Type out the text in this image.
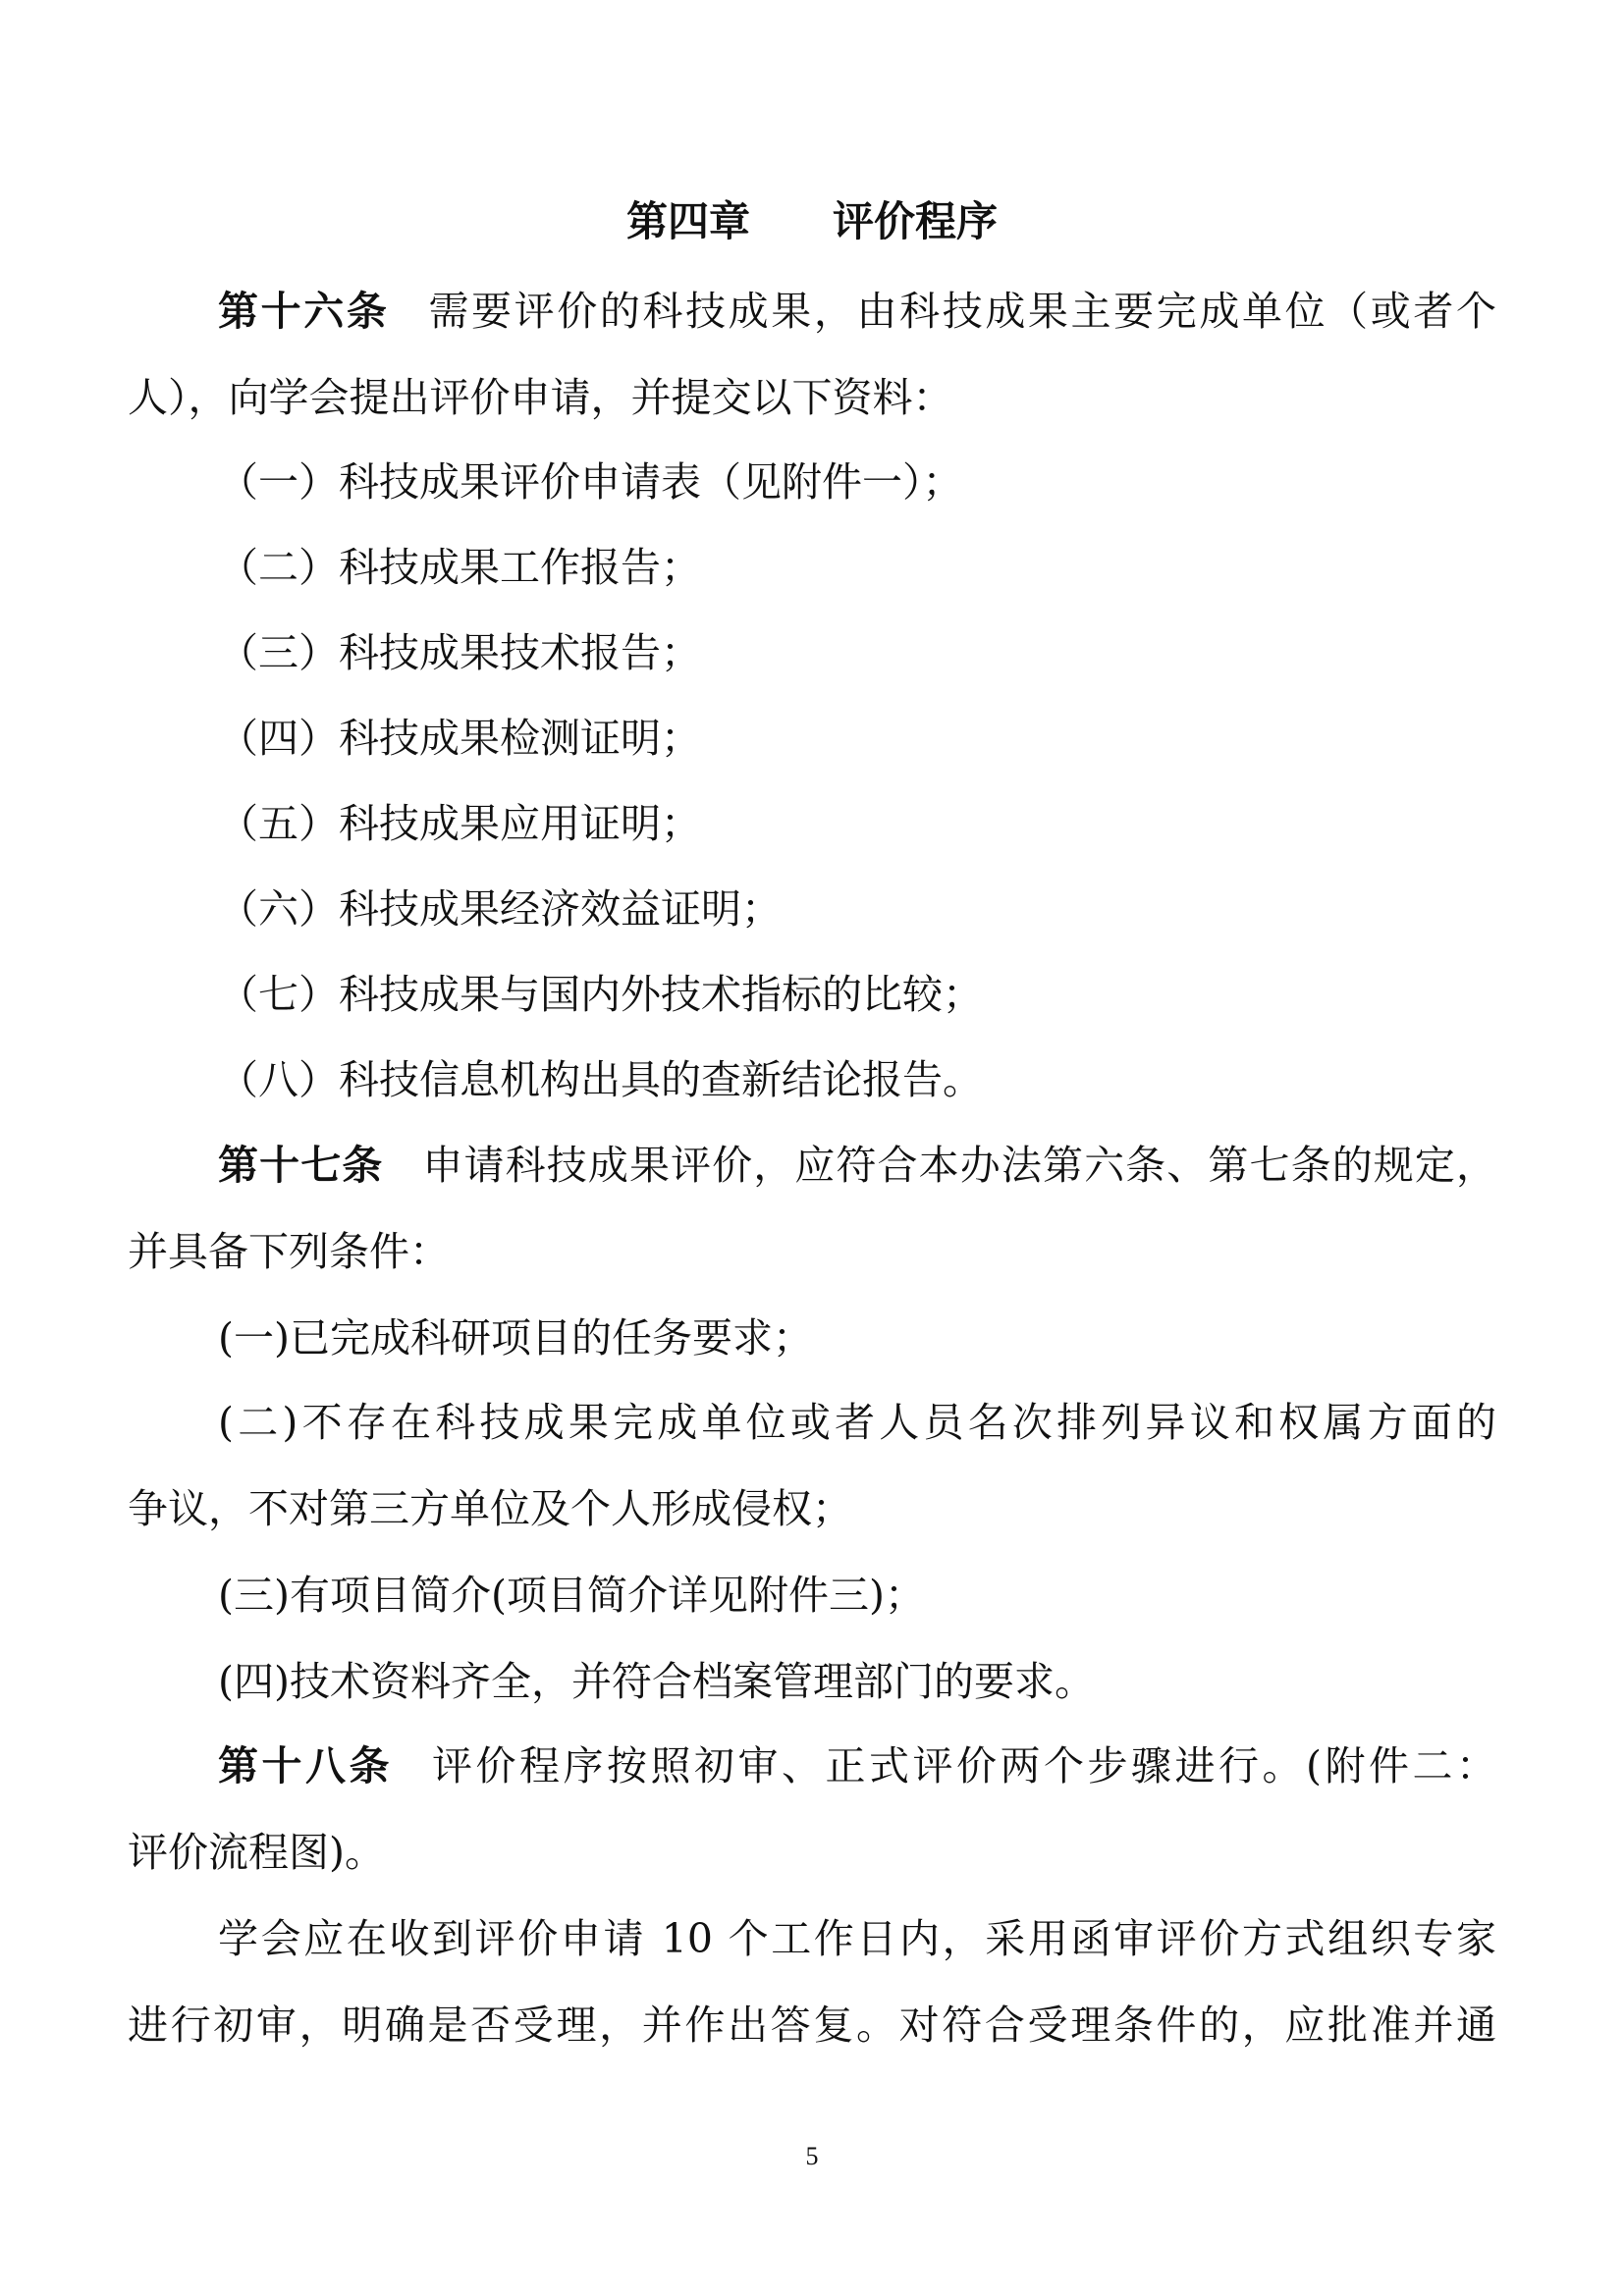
第四章　　评价程序
第十六条 需要评价的科技成果，由科技成果主要完成单位（或者个
人），向学会提出评价申请，并提交以下资料：
（一）科技成果评价申请表（见附件一）；
（二）科技成果工作报告；
（三）科技成果技术报告；
（四）科技成果检测证明；
（五）科技成果应用证明；
（六）科技成果经济效益证明；
（七）科技成果与国内外技术指标的比较；
（八）科技信息机构出具的查新结论报告。
第十七条 申请科技成果评价，应符合本办法第六条、第七条的规定，
并具备下列条件：
(一)已完成科研项目的任务要求；
(二)不存在科技成果完成单位或者人员名次排列异议和权属方面的
争议，不对第三方单位及个人形成侵权；
(三)有项目简介(项目简介详见附件三)；
(四)技术资料齐全，并符合档案管理部门的要求。
第十八条 评价程序按照初审、正式评价两个步骤进行。(附件二：
评价流程图)。
学会应在收到评价申请 10 个工作日内，采用函审评价方式组织专家
进行初审，明确是否受理，并作出答复。对符合受理条件的，应批准并通
5
